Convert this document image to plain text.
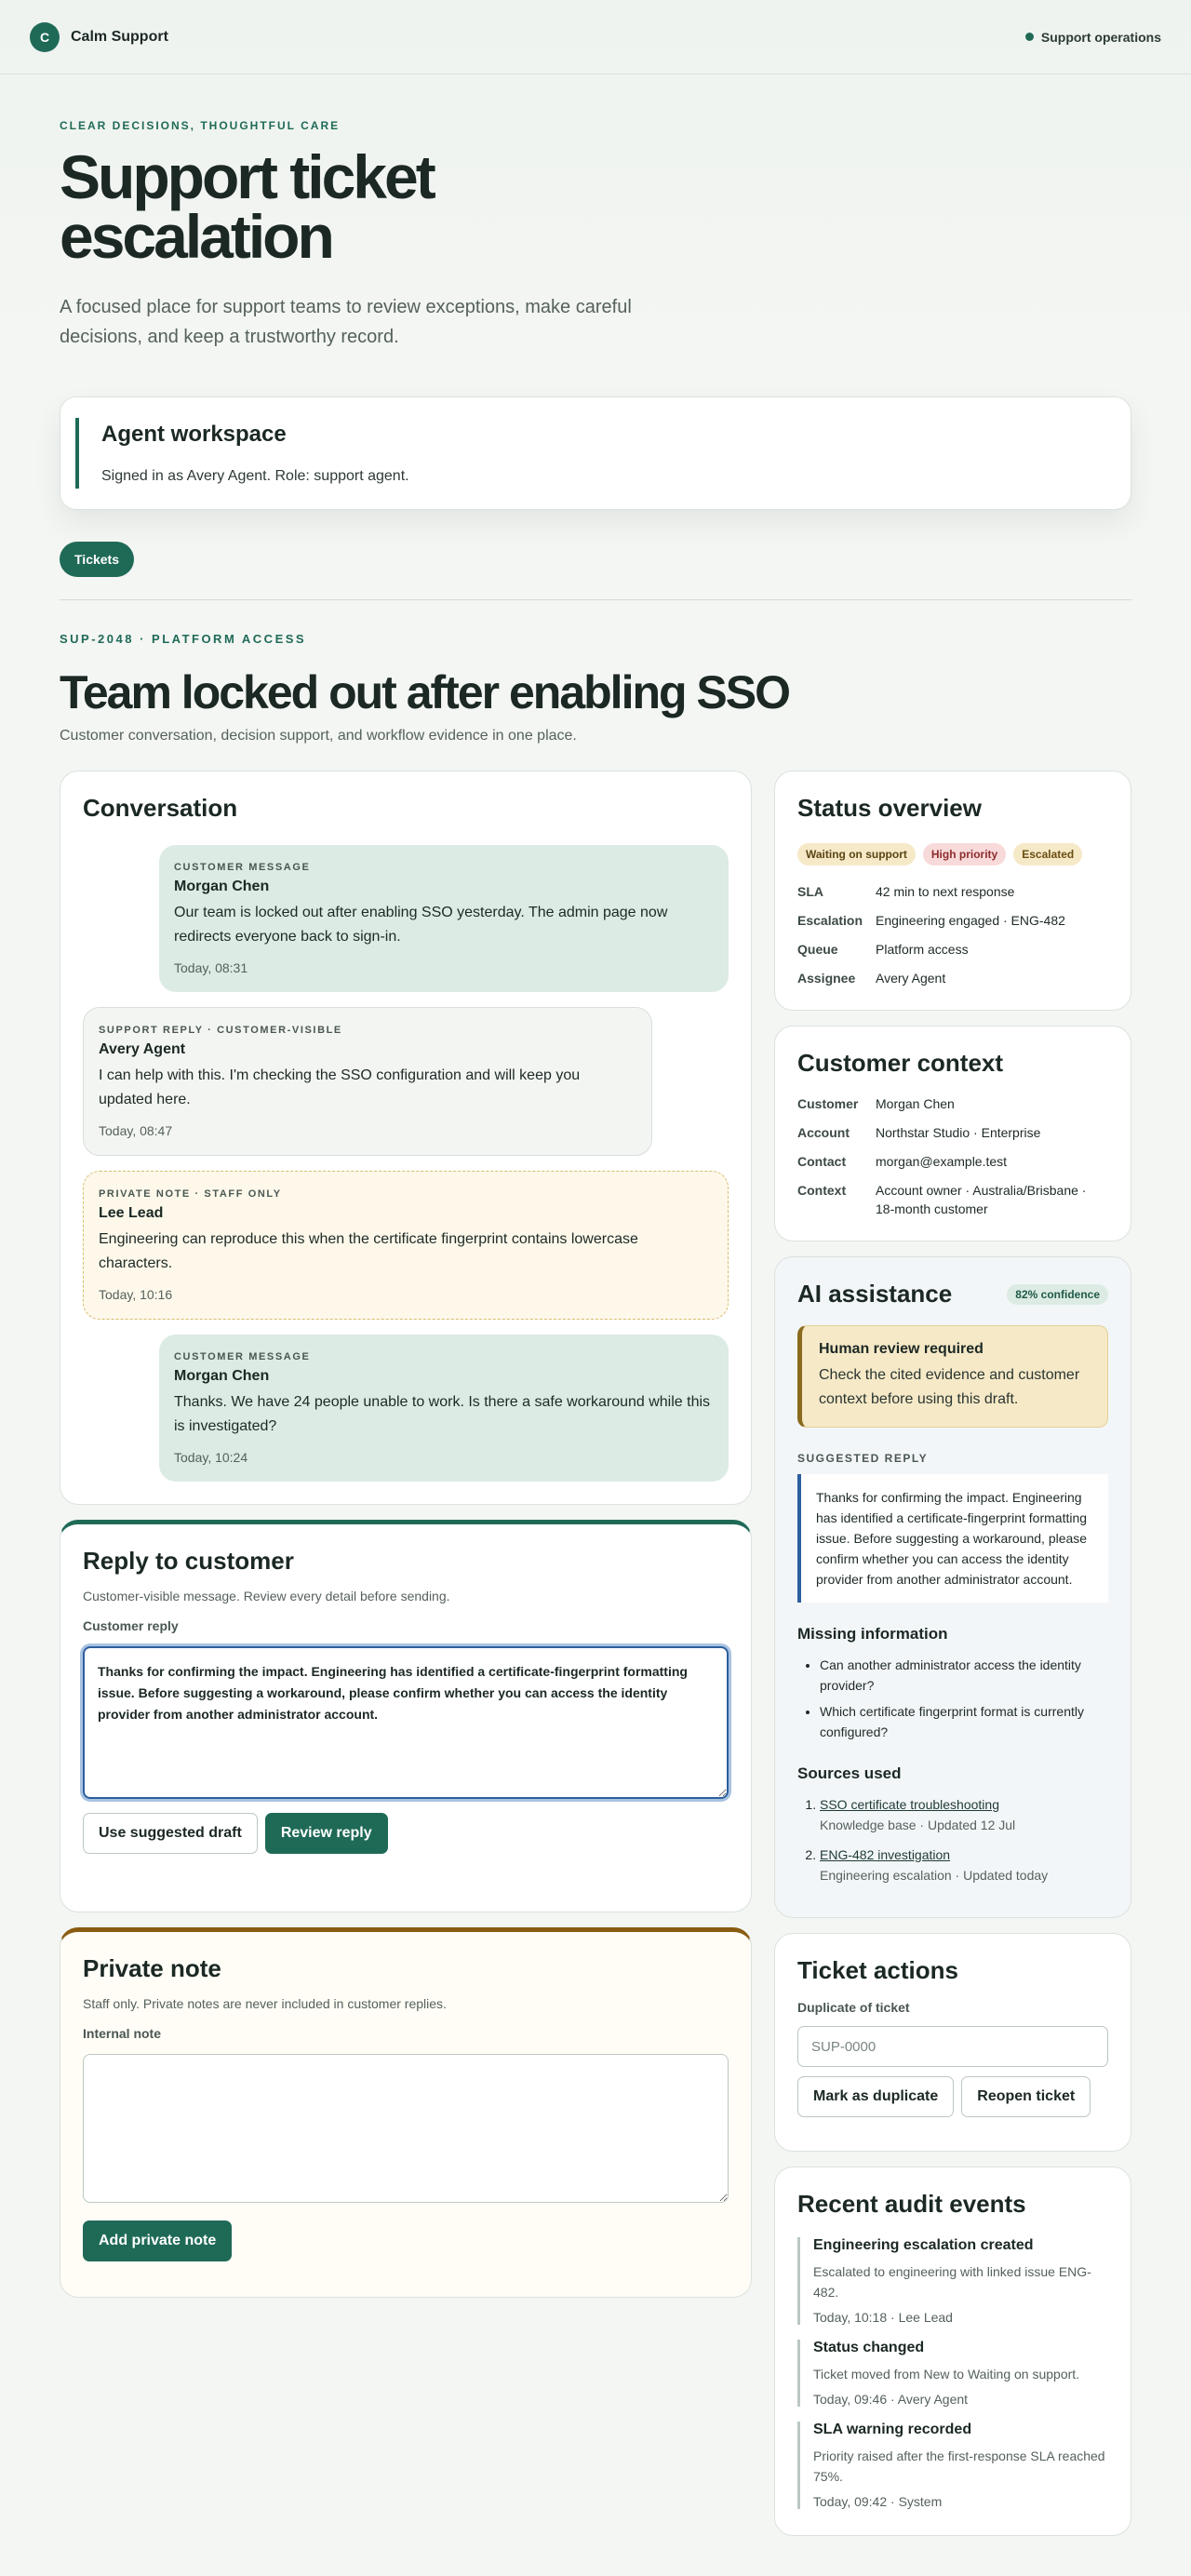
C	Calm Support	Support operations
CLEAR DECISIONS, THOUGHTFUL CARE
Support ticket escalation

A focused place for support teams to review exceptions, make careful decisions, and keep a trustworthy record.

Agent workspace

Signed in as Avery Agent. Role: support agent.

Tickets
SUP-2048 · PLATFORM ACCESS
Team locked out after enabling SSO

Customer conversation, decision support, and workflow evidence in one place.

Conversation
CUSTOMER MESSAGE
Morgan Chen

Our team is locked out after enabling SSO yesterday. The admin page now redirects everyone back to sign-in.

Today, 08:31
SUPPORT REPLY · CUSTOMER-VISIBLE
Avery Agent

I can help with this. I'm checking the SSO configuration and will keep you updated here.

Today, 08:47
PRIVATE NOTE · STAFF ONLY
Lee Lead

Engineering can reproduce this when the certificate fingerprint contains lowercase characters.

Today, 10:16
CUSTOMER MESSAGE
Morgan Chen

Thanks. We have 24 people unable to work. Is there a safe workaround while this is investigated?

Today, 10:24
Reply to customer

Customer-visible message. Review every detail before sending.

Customer reply
Thanks for confirming the impact. Engineering has identified a certificate-fingerprint formatting issue. Before suggesting a workaround, please confirm whether you can access the identity provider from another administrator account.
Use suggested draft	Review reply
Private note

Staff only. Private notes are never included in customer replies.

Internal note
Add private note
Status overview
Waiting on support	High priority	Escalated
SLA	42 min to next response
Escalation Engineering engaged · ENG-482
Queue	Platform access
Assignee	Avery Agent
Customer context
Customer	Morgan Chen
Account	Northstar Studio · Enterprise
Contact	morgan@example.test
Context	Account owner · Australia/Brisbane · 18-month customer
AI assistance	82% confidence
Human review required

Check the cited evidence and customer context before using this draft.

SUGGESTED REPLY
Thanks for confirming the impact. Engineering has identified a certificate-fingerprint formatting issue. Before suggesting a workaround, please confirm whether you can access the identity provider from another administrator account.
Missing information
• Can another administrator access the identity provider?
• Which certificate fingerprint format is currently configured?
Sources used
1. SSO certificate troubleshooting
Knowledge base · Updated 12 Jul
2. ENG-482 investigation
Engineering escalation · Updated today
Ticket actions
Duplicate of ticket
SUP-0000
Mark as duplicate	Reopen ticket
Recent audit events
Engineering escalation created

Escalated to engineering with linked issue ENG-482.

Today, 10:18 · Lee Lead
Status changed

Ticket moved from New to Waiting on support.

Today, 09:46 · Avery Agent
SLA warning recorded

Priority raised after the first-response SLA reached 75%.

Today, 09:42 · System
